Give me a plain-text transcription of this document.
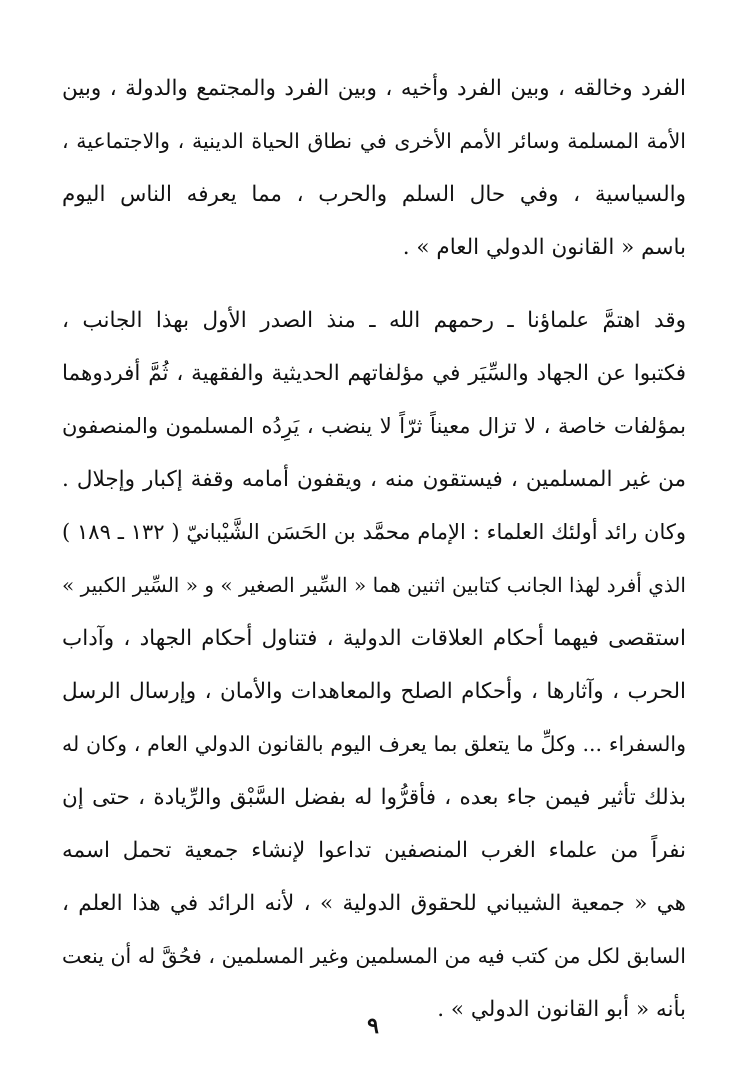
الفرد وخالقه ، وبين الفرد وأخيه ، وبين الفرد والمجتمع والدولة ، وبين
الأمة المسلمة وسائر الأمم الأخرى في نطاق الحياة الدينية ، والاجتماعية ،
والسياسية ، وفي حال السلم والحرب ، مما يعرفه الناس اليوم
باسم « القانون الدولي العام » .
وقد اهتمَّ علماؤنا ـ رحمهم الله ـ منذ الصدر الأول بهذا الجانب ،
فكتبوا عن الجهاد والسِّيَر في مؤلفاتهم الحديثية والفقهية ، ثُمَّ أفردوهما
بمؤلفات خاصة ، لا تزال معيناً ثرّاً لا ينضب ، يَرِدُه المسلمون والمنصفون
من غير المسلمين ، فيستقون منه ، ويقفون أمامه وقفة إكبار وإجلال .
وكان رائد أولئك العلماء : الإمام محمَّد بن الحَسَن الشَّيْبانيّ ( ١٣٢ ـ ١٨٩ )
الذي أفرد لهذا الجانب كتابين اثنين هما « السِّير الصغير » و « السِّير الكبير »
استقصى فيهما أحكام العلاقات الدولية ، فتناول أحكام الجهاد ، وآداب
الحرب ، وآثارها ، وأحكام الصلح والمعاهدات والأمان ، وإرسال الرسل
والسفراء ... وكلِّ ما يتعلق بما يعرف اليوم بالقانون الدولي العام ، وكان له
بذلك تأثير فيمن جاء بعده ، فأقرُّوا له بفضل السَّبْق والرِّيادة ، حتى إن
نفراً من علماء الغرب المنصفين تداعوا لإنشاء جمعية تحمل اسمه
هي « جمعية الشيباني للحقوق الدولية » ، لأنه الرائد في هذا العلم ،
السابق لكل من كتب فيه من المسلمين وغير المسلمين ، فحُقَّ له أن ينعت
بأنه « أبو القانون الدولي » .
٩
